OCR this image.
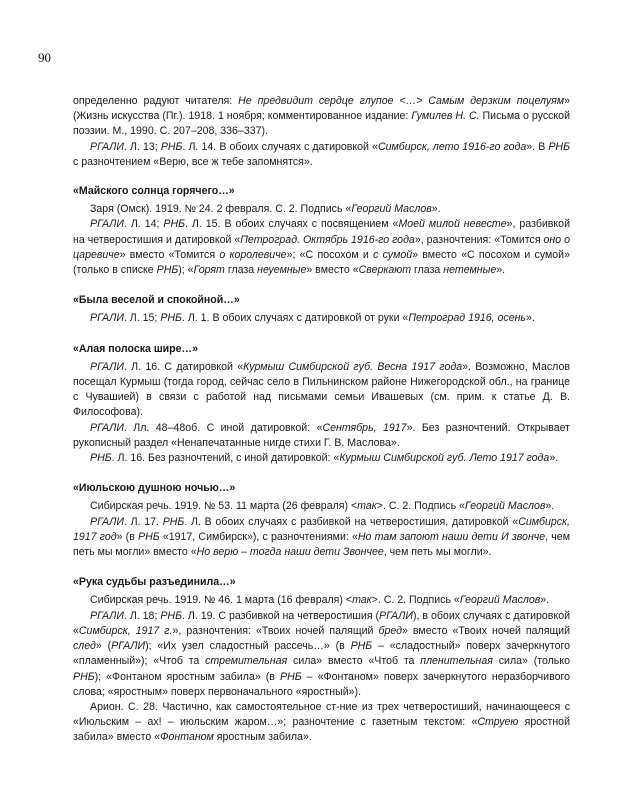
90

определенно радуют читателя: Не предвидит сердце глупое <…> Самым дерзким поцелуям» (Жизнь искусства (Пг.). 1918. 1 ноября; комментированное издание: Гумилев Н. С. Письма о русской поэзии. М., 1990. С. 207–208, 336–337).

РГАЛИ. Л. 13; РНБ. Л. 14. В обоих случаях с датировкой «Симбирск, лето 1916-го года». В РНБ с разночтением «Верю, все ж тебе запомнятся».

«Майского солнца горячего…»

Заря (Омск). 1919. № 24. 2 февраля. С. 2. Подпись «Георгий Маслов».

РГАЛИ. Л. 14; РНБ. Л. 15. В обоих случаях с посвящением «Моей милой невесте», разбивкой на четверостишия и датировкой «Петроград. Октябрь 1916-го года», разночтения: «Томится оно о царевиче» вместо «Томится о королевиче»; «С посохом и с сумой» вместо «С посохом и сумой» (только в списке РНБ); «Горят глаза неуемные» вместо «Сверкают глаза нетемные».

«Была веселой и спокойной…»

РГАЛИ. Л. 15; РНБ. Л. 1. В обоих случаях с датировкой от руки «Петроград 1916, осень».

«Алая полоска шире…»

РГАЛИ. Л. 16. С датировкой «Курмыш Симбирской губ. Весна 1917 года». Возможно, Маслов посещал Курмыш (тогда город, сейчас село в Пильнинском районе Нижегородской обл., на границе с Чувашией) в связи с работой над письмами семьи Ивашевых (см. прим. к статье Д. В. Философова).

РГАЛИ. Лл. 48–48об. С иной датировкой: «Сентябрь, 1917». Без разночтений. Открывает рукописный раздел «Ненапечатанные нигде стихи Г. В. Маслова».

РНБ. Л. 16. Без разночтений, с иной датировкой: «Курмыш Симбирской губ. Лето 1917 года».

«Июльскою душною ночью…»

Сибирская речь. 1919. № 53. 11 марта (26 февраля) <так>. С. 2. Подпись «Георгий Маслов».

РГАЛИ. Л. 17. РНБ. Л. В обоих случаях с разбивкой на четверостишия, датировкой «Симбирск, 1917 год» (в РНБ «1917, Симбирск»), с разночтениями: «Но там запоют наши дети И звонче, чем петь мы могли» вместо «Но верю – тогда наши дети Звончее, чем петь мы могли».

«Рука судьбы разъединила…»

Сибирская речь. 1919. № 46. 1 марта (16 февраля) <так>. С. 2. Подпись «Георгий Маслов».

РГАЛИ. Л. 18; РНБ. Л. 19. С разбивкой на четверостишия (РГАЛИ), в обоих случаях с датировкой «Симбирск, 1917 г.», разночтения: «Твоих ночей палящий бред» вместо «Твоих ночей палящий след» (РГАЛИ); «Их узел сладостный рассечь…» (в РНБ – «сладостный» поверх зачеркнутого «пламенный»); «Чтоб та стремительная сила» вместо «Чтоб та пленительная сила» (только РНБ); «Фонтаном яростным забила» (в РНБ – «Фонтаном» поверх зачеркнутого неразборчивого слова; «яростным» поверх первоначального «яростный»).

Арион. С. 28. Частично, как самостоятельное ст-ние из трех четверостиший, начинающееся с «Июльским – ах! – июльским жаром…»; разночтение с газетным текстом: «Струею яростной забила» вместо «Фонтаном яростным забила».
